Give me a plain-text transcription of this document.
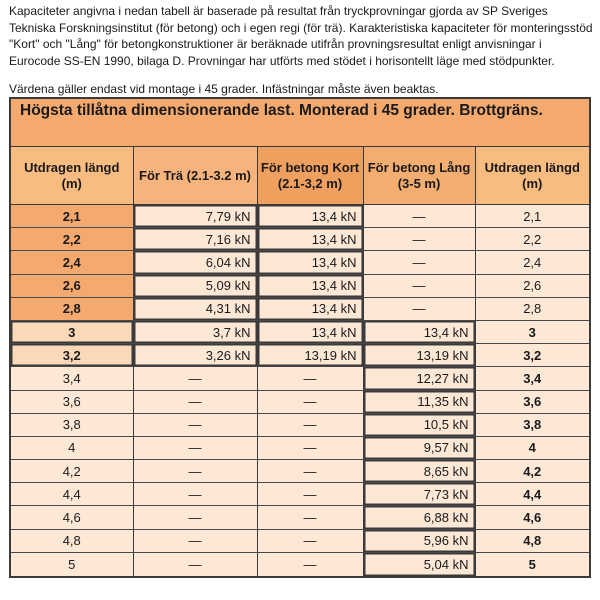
Kapaciteter angivna i nedan tabell är baserade på resultat från tryckprovningar gjorda av SP Sveriges Tekniska Forskningsinstitut (för betong) och i egen regi (för trä). Karakteristiska kapaciteter för monteringsstöd "Kort" och "Lång" för betongkonstruktioner är beräknade utifrån provningsresultat enligt anvisningar i Eurocode SS-EN 1990, bilaga D. Provningar har utförts med stödet i horisontellt läge med stödpunkter.

Värdena gäller endast vid montage i 45 grader. Infästningar måste även beaktas.

Högsta tillåtna dimensionerande last. Monterad i 45 grader. Brottgräns.
Utdragen längd (m)	För Trä (2.1-3.2 m)	För betong Kort (2.1-3,2 m)	För betong Lång (3-5 m)	Utdragen längd (m)
2,1	7,79 kN	13,4 kN	—	2,1
2,2	7,16 kN	13,4 kN	—	2,2
2,4	6,04 kN	13,4 kN	—	2,4
2,6	5,09 kN	13,4 kN	—	2,6
2,8	4,31 kN	13,4 kN	—	2,8
3	3,7 kN	13,4 kN	13,4 kN	3
3,2	3,26 kN	13,19 kN	13,19 kN	3,2
3,4	—	—	12,27 kN	3,4
3,6	—	—	11,35 kN	3,6
3,8	—	—	10,5 kN	3,8
4	—	—	9,57 kN	4
4,2	—	—	8,65 kN	4,2
4,4	—	—	7,73 kN	4,4
4,6	—	—	6,88 kN	4,6
4,8	—	—	5,96 kN	4,8
5	—	—	5,04 kN	5
